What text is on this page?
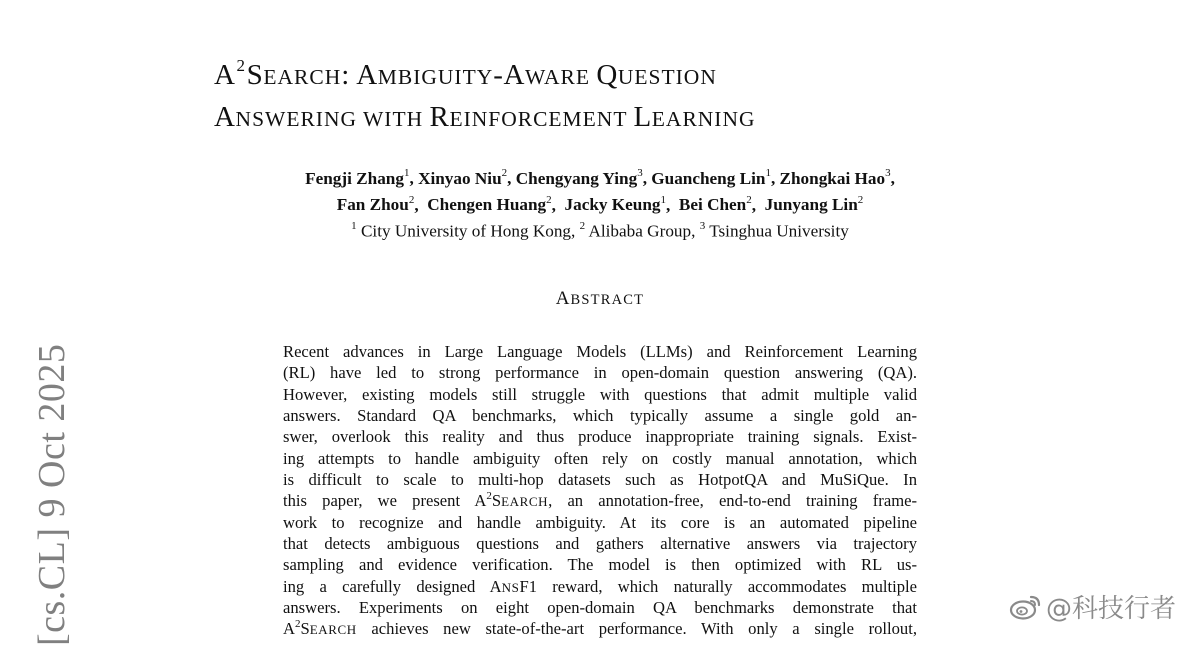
$A^2SEARCH$: AMBIGUITY-AWARE QUESTION
ANSWERING WITH REINFORCEMENT LEARNING
Fengji Zhang$^1$, Xinyao Niu$^2$, Chengyang Ying$^3$, Guancheng Lin$^1$, Zhongkai Hao$^3$,
Fan Zhou$^2$,  Chengen Huang$^2$,  Jacky Keung$^1$,  Bei Chen$^2$,  Junyang Lin$^2$
$^1$ City University of Hong Kong, $^2$ Alibaba Group, $^3$ Tsinghua University
ABSTRACT

Recent advances in Large Language Models (LLMs) and Reinforcement Learning

(RL) have led to strong performance in open-domain question answering (QA).

However, existing models still struggle with questions that admit multiple valid

answers. Standard QA benchmarks, which typically assume a single gold an-

swer, overlook this reality and thus produce inappropriate training signals. Exist-

ing attempts to handle ambiguity often rely on costly manual annotation, which

is difficult to scale to multi-hop datasets such as HotpotQA and MuSiQue. In

this paper, we present $A^2SEARCH$, an annotation-free, end-to-end training frame-

work to recognize and handle ambiguity. At its core is an automated pipeline

that detects ambiguous questions and gathers alternative answers via trajectory

sampling and evidence verification. The model is then optimized with RL us-

ing a carefully designed ANSF1 reward, which naturally accommodates multiple

answers. Experiments on eight open-domain QA benchmarks demonstrate that

$A^2SEARCH$ achieves new state-of-the-art performance. With only a single rollout,

[cs.CL] 9 Oct 2025	@科技行者
